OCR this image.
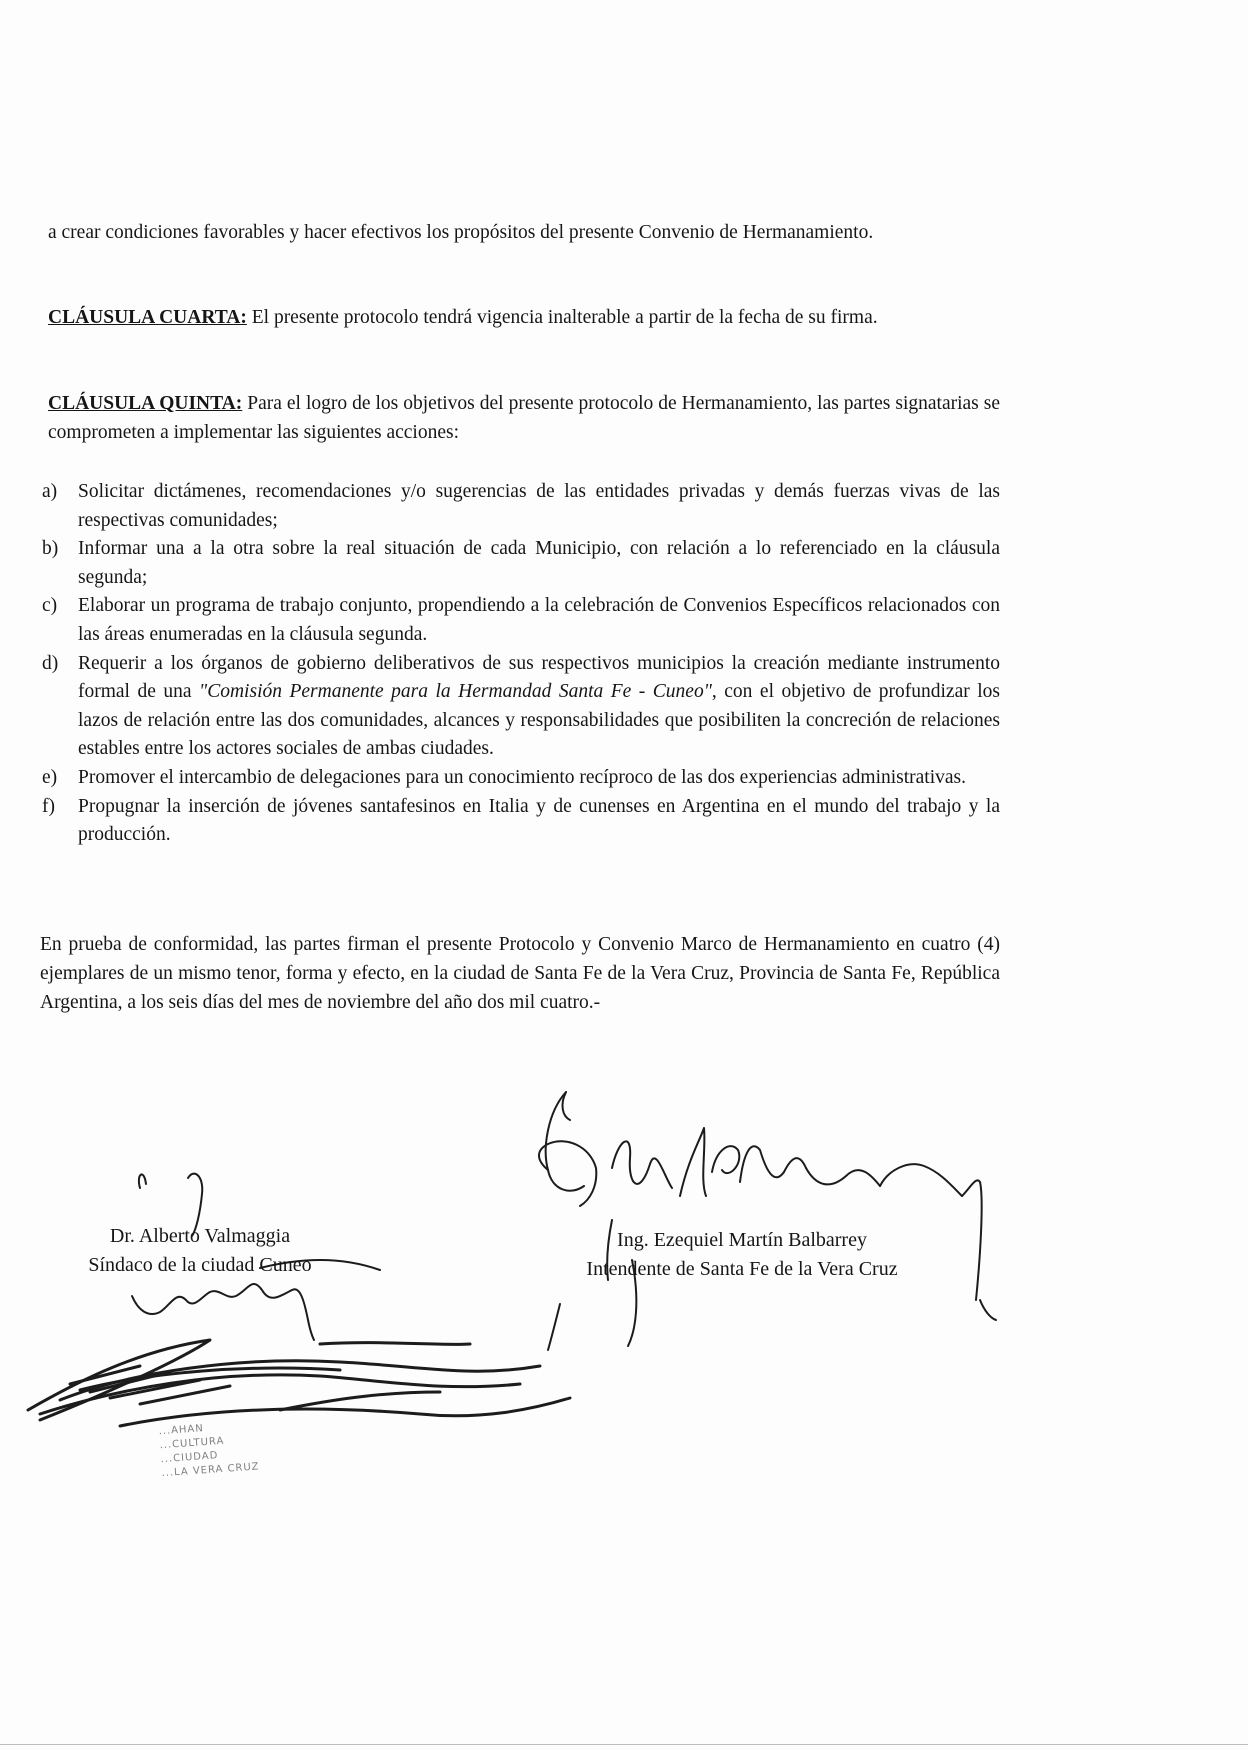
a crear condiciones favorables y hacer efectivos los propósitos del presente Convenio de Hermanamiento.
CLÁUSULA CUARTA: El presente protocolo tendrá vigencia inalterable a partir de la fecha de su firma.
CLÁUSULA QUINTA: Para el logro de los objetivos del presente protocolo de Hermanamiento, las partes signatarias se comprometen a implementar las siguientes acciones:
a)	Solicitar dictámenes, recomendaciones y/o sugerencias de las entidades privadas y demás fuerzas vivas de las respectivas comunidades;
b)	Informar una a la otra sobre la real situación de cada Municipio, con relación a lo referenciado en la cláusula segunda;
c)	Elaborar un programa de trabajo conjunto, propendiendo a la celebración de Convenios Específicos relacionados con las áreas enumeradas en la cláusula segunda.
d)	Requerir a los órganos de gobierno deliberativos de sus respectivos municipios la creación mediante instrumento formal de una "Comisión Permanente para la Hermandad Santa Fe - Cuneo", con el objetivo de profundizar los lazos de relación entre las dos comunidades, alcances y responsabilidades que posibiliten la concreción de relaciones estables entre los actores sociales de ambas ciudades.
e)	Promover el intercambio de delegaciones para un conocimiento recíproco de las dos experiencias administrativas.
f)	Propugnar la inserción de jóvenes santafesinos en Italia y de cunenses en Argentina en el mundo del trabajo y la producción.
En prueba de conformidad, las partes firman el presente Protocolo y Convenio Marco de Hermanamiento en cuatro (4) ejemplares de un mismo tenor, forma y efecto, en la ciudad de Santa Fe de la Vera Cruz, Provincia de Santa Fe, República Argentina, a los seis días del mes de noviembre del año dos mil cuatro.-
Dr. Alberto Valmaggia
Síndaco de la ciudad Cuneo
Ing. Ezequiel Martín Balbarrey
Intendente de Santa Fe de la Vera Cruz
...AHAN
...CULTURA
...CIUDAD
...LA VERA CRUZ
